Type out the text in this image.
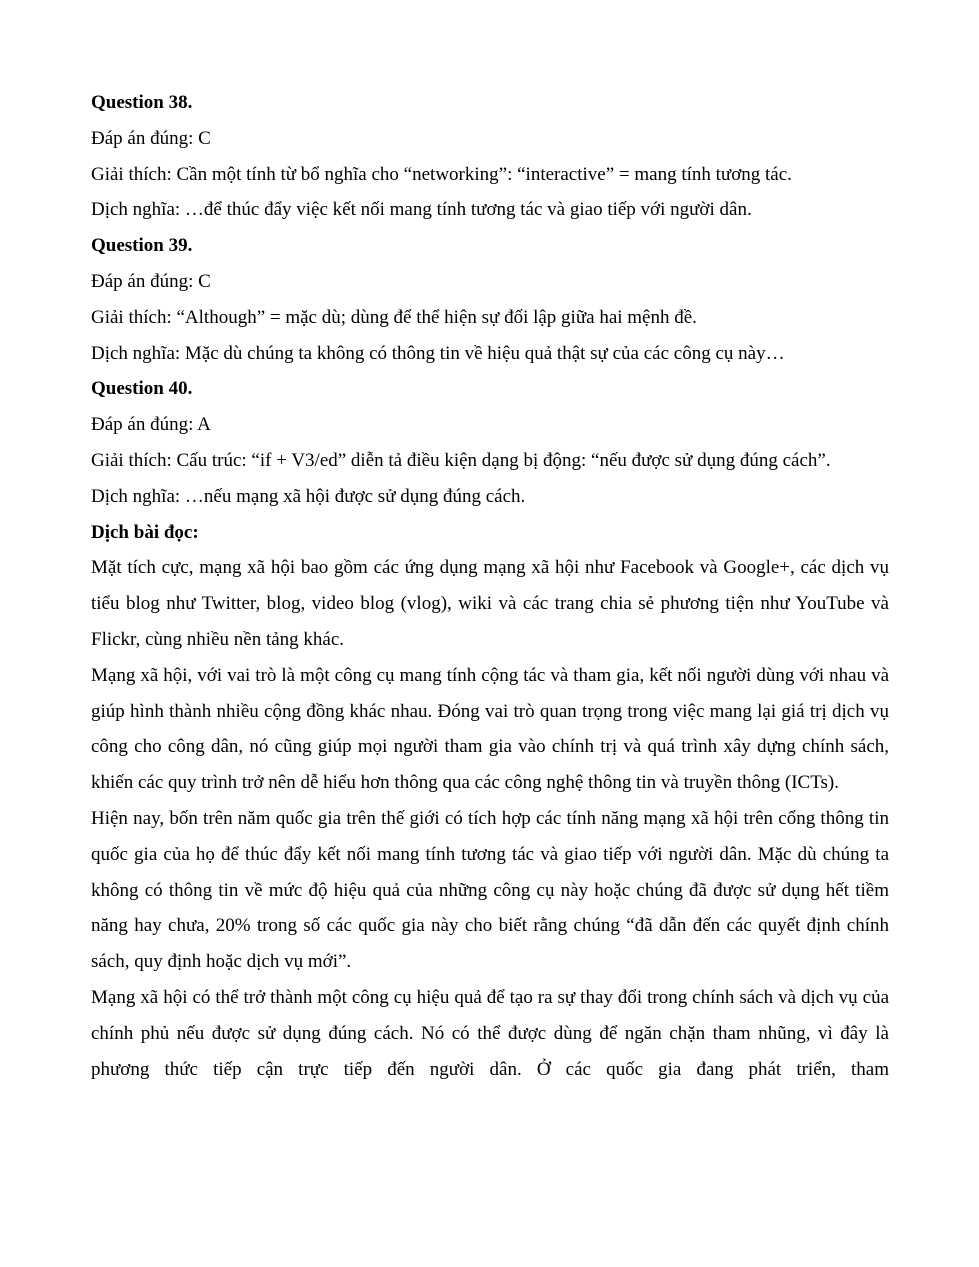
Question 38.

Đáp án đúng: C

Giải thích: Cần một tính từ bổ nghĩa cho “networking”: “interactive” = mang tính tương tác.

Dịch nghĩa: …để thúc đẩy việc kết nối mang tính tương tác và giao tiếp với người dân.

Question 39.

Đáp án đúng: C

Giải thích: “Although” = mặc dù; dùng để thể hiện sự đối lập giữa hai mệnh đề.

Dịch nghĩa: Mặc dù chúng ta không có thông tin về hiệu quả thật sự của các công cụ này…

Question 40.

Đáp án đúng: A

Giải thích: Cấu trúc: “if + V3/ed” diễn tả điều kiện dạng bị động: “nếu được sử dụng đúng cách”.

Dịch nghĩa: …nếu mạng xã hội được sử dụng đúng cách.

Dịch bài đọc:

Mặt tích cực, mạng xã hội bao gồm các ứng dụng mạng xã hội như Facebook và Google+, các dịch vụ tiểu blog như Twitter, blog, video blog (vlog), wiki và các trang chia sẻ phương tiện như YouTube và Flickr, cùng nhiều nền tảng khác.

Mạng xã hội, với vai trò là một công cụ mang tính cộng tác và tham gia, kết nối người dùng với nhau và giúp hình thành nhiều cộng đồng khác nhau. Đóng vai trò quan trọng trong việc mang lại giá trị dịch vụ công cho công dân, nó cũng giúp mọi người tham gia vào chính trị và quá trình xây dựng chính sách, khiến các quy trình trở nên dễ hiểu hơn thông qua các công nghệ thông tin và truyền thông (ICTs).

Hiện nay, bốn trên năm quốc gia trên thế giới có tích hợp các tính năng mạng xã hội trên cổng thông tin quốc gia của họ để thúc đẩy kết nối mang tính tương tác và giao tiếp với người dân. Mặc dù chúng ta không có thông tin về mức độ hiệu quả của những công cụ này hoặc chúng đã được sử dụng hết tiềm năng hay chưa, 20% trong số các quốc gia này cho biết rằng chúng “đã dẫn đến các quyết định chính sách, quy định hoặc dịch vụ mới”.

Mạng xã hội có thể trở thành một công cụ hiệu quả để tạo ra sự thay đổi trong chính sách và dịch vụ của chính phủ nếu được sử dụng đúng cách. Nó có thể được dùng để ngăn chặn tham nhũng, vì đây là phương thức tiếp cận trực tiếp đến người dân. Ở các quốc gia đang phát triển, tham
